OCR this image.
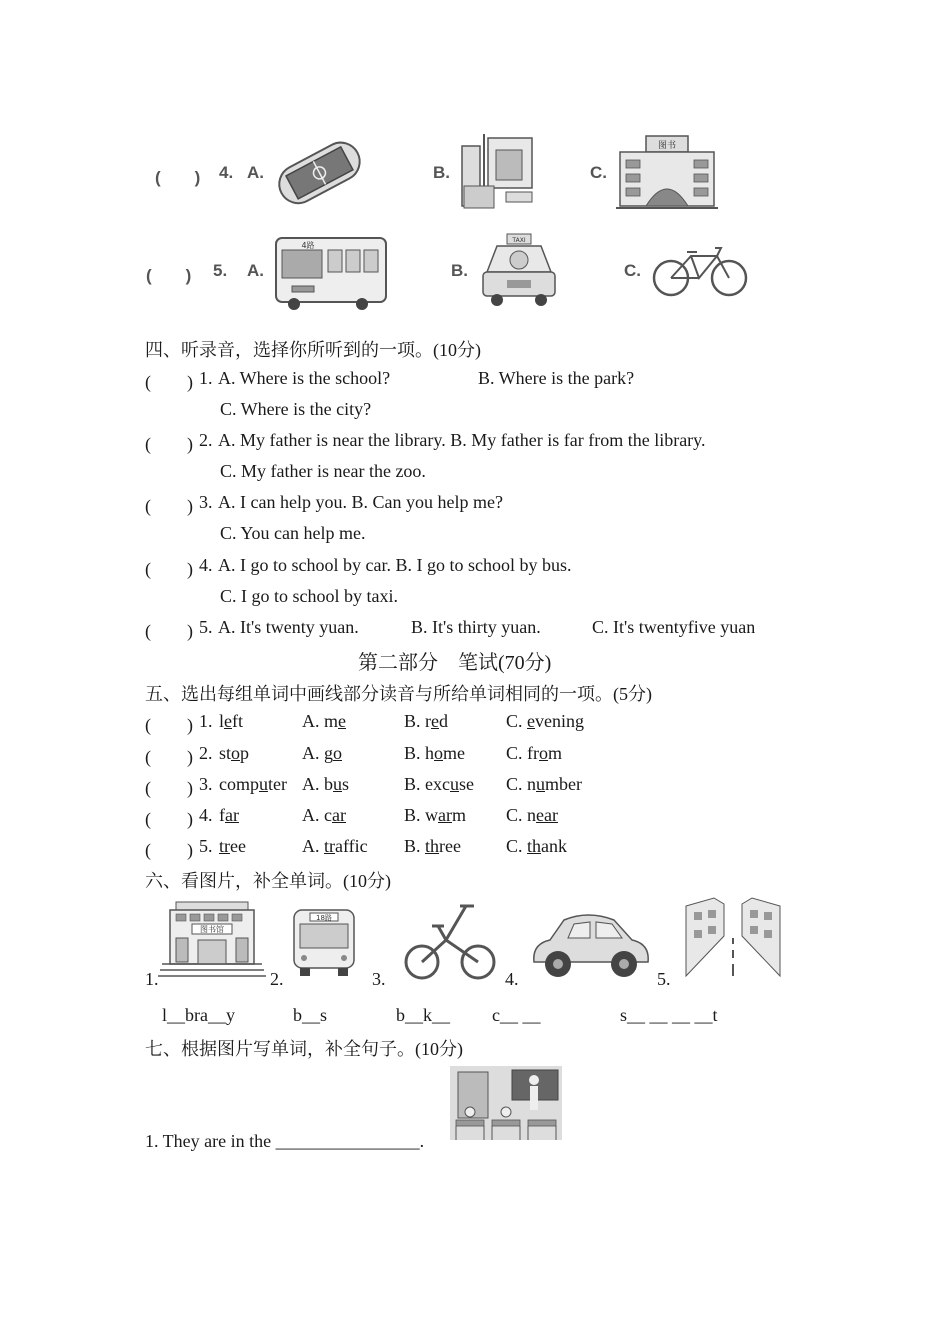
(　　) 4. A.	B.	C.
图书
(　　) 5. A.
4路
B.
TAXI
C.
四、听录音，选择你所听到的一项。(10分)
(　　) 1. A. Where is the school?	B. Where is the park?
C. Where is the city?
(　　) 2. A. My father is near the library. B. My father is far from the library.
C. My father is near the zoo.
(　　) 3. A. I can help you. B. Can you help me?
C. You can help me.
(　　) 4. A. I go to school by car. B. I go to school by bus.
C. I go to school by taxi.
(　　) 5. A. It's twenty yuan.	B. It's thirty yuan.	C. It's twentyfive yuan
第二部分　笔试(70分)
五、选出每组单词中画线部分读音与所给单词相同的一项。(5分)
(　　) 1. left	A. me	B. red	C. evening
(　　) 2. stop	A. go	B. home C. from
(　　) 3. computer A. bus	B. excuse C. number
(　　) 4. far	A. car	B. warm C. near
(　　) 5. tree	A. traffic B. three C. thank
六、看图片，补全单词。(10分)
1.
图书馆
2.
18路
3.	4.	5.
l__bra__y	b__s	b__k__ c__ __	s__ __ __ __t
七、根据图片写单词，补全句子。(10分)
1. They are in the ________________.
